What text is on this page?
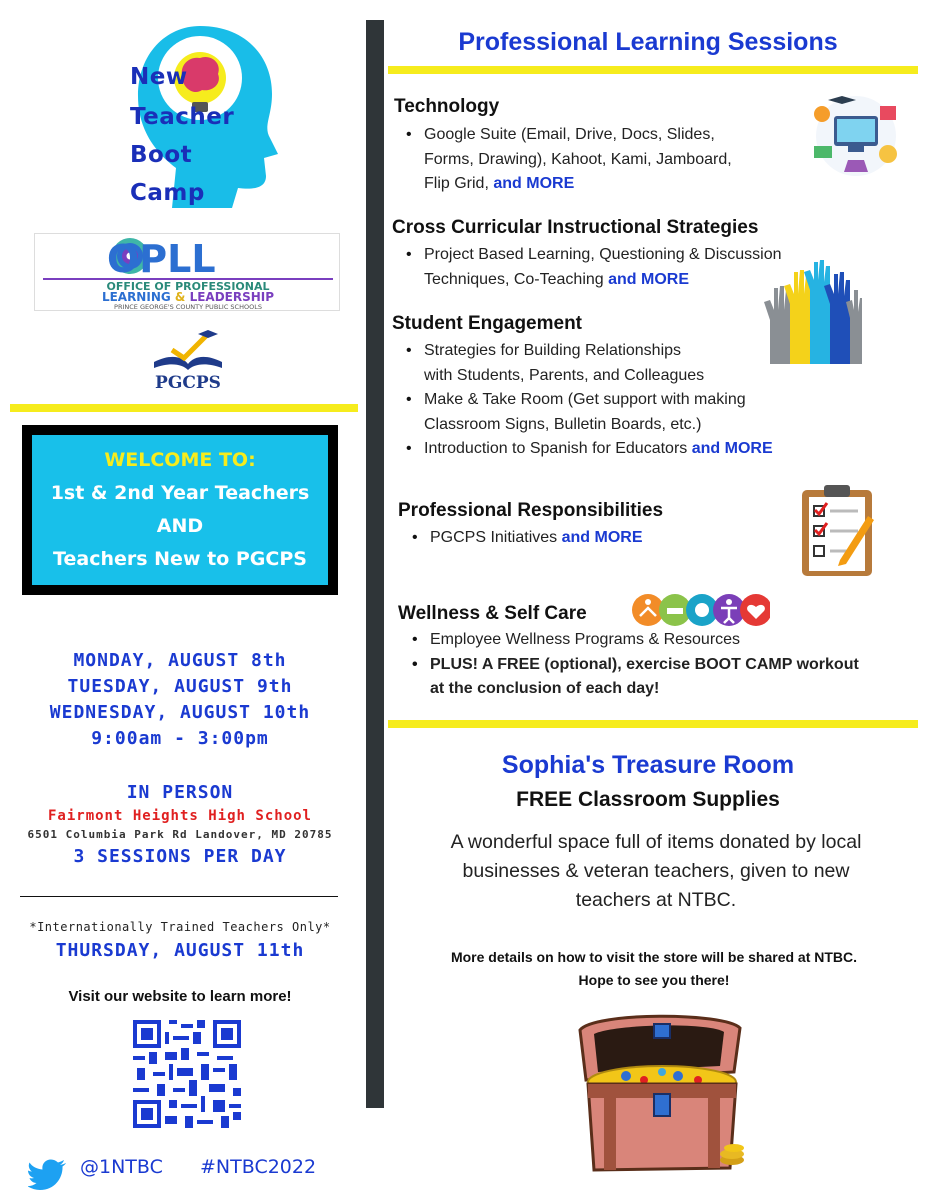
New
Teacher
Boot
Camp
OPLL
OFFICE OF PROFESSIONAL
LEARNING & LEADERSHIP
PRINCE GEORGE'S COUNTY PUBLIC SCHOOLS
PGCPS
WELCOME TO:
1st & 2nd Year Teachers
AND
Teachers New to PGCPS
MONDAY, AUGUST 8th
TUESDAY, AUGUST 9th
WEDNESDAY, AUGUST 10th
9:00am - 3:00pm
IN PERSON
Fairmont Heights High School
6501 Columbia Park Rd Landover, MD 20785
3 SESSIONS PER DAY
*Internationally Trained Teachers Only*
THURSDAY, AUGUST 11th
Visit our website to learn more!
@1NTBC #NTBC2022
Professional Learning Sessions
Technology
• Google Suite (Email, Drive, Docs, Slides,
Forms, Drawing), Kahoot, Kami, Jamboard,
Flip Grid, and MORE
Cross Curricular Instructional Strategies
• Project Based Learning, Questioning & Discussion
Techniques, Co-Teaching and MORE
Student Engagement
• Strategies for Building Relationships
with Students, Parents, and Colleagues
• Make & Take Room (Get support with making
Classroom Signs, Bulletin Boards, etc.)
• Introduction to Spanish for Educators and MORE
Professional Responsibilities
• PGCPS Initiatives and MORE
Wellness & Self Care
• Employee Wellness Programs & Resources
• PLUS! A FREE (optional), exercise BOOT CAMP workout
at the conclusion of each day!
Sophia's Treasure Room
FREE Classroom Supplies
A wonderful space full of items donated by local
businesses & veteran teachers, given to new
teachers at NTBC.
More details on how to visit the store will be shared at NTBC.
Hope to see you there!
